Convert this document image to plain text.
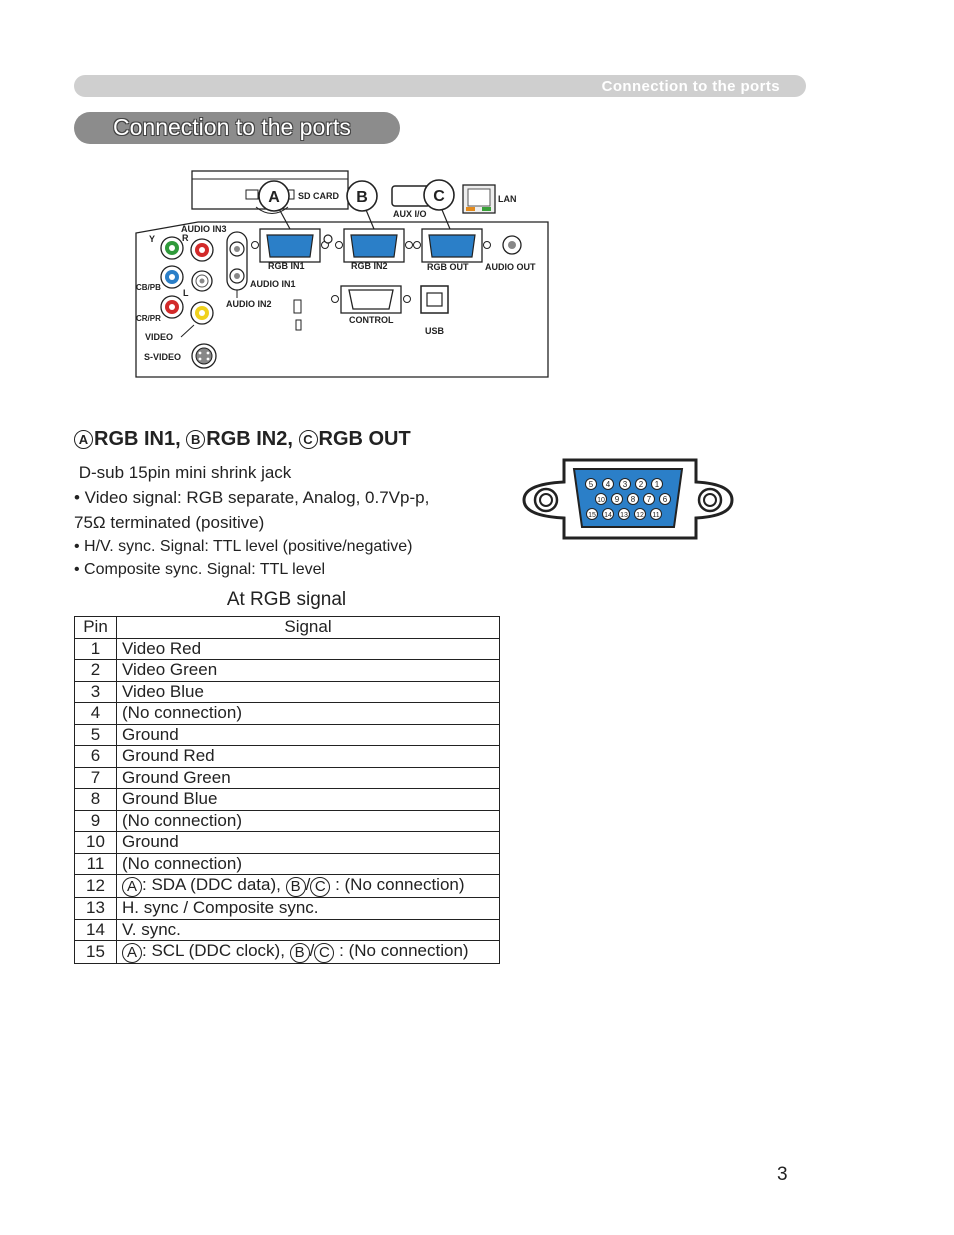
Connection to the ports
Connection to the ports
SD CARD
AUX I/O
LAN
AUDIO IN3
Y	R
CB/PB
L
CR/PR
VIDEO
S-VIDEO
AUDIO IN1
AUDIO IN2
RGB IN1	RGB IN2	RGB OUT AUDIO OUT
CONTROL
USB
A	B	C
A RGB IN1, B RGB IN2, C RGB OUT
D-sub 15pin mini shrink jack
• Video signal: RGB separate, Analog, 0.7Vp-p,
75Ω terminated (positive)
• H/V. sync. Signal: TTL level (positive/negative)
• Composite sync. Signal: TTL level
5 4 3 2 1
10 9 8 7 6
15 14 13 12 11
At RGB signal
Pin	Signal
1	Video Red
2	Video Green
3	Video Blue
4	(No connection)
5	Ground
6	Ground Red
7	Ground Green
8	Ground Blue
9	(No connection)
10	Ground
11	(No connection)
12	A : SDA (DDC data), B / C : (No connection)
13	H. sync / Composite sync.
14	V. sync.
15	A : SCL (DDC clock), B / C : (No connection)
3
